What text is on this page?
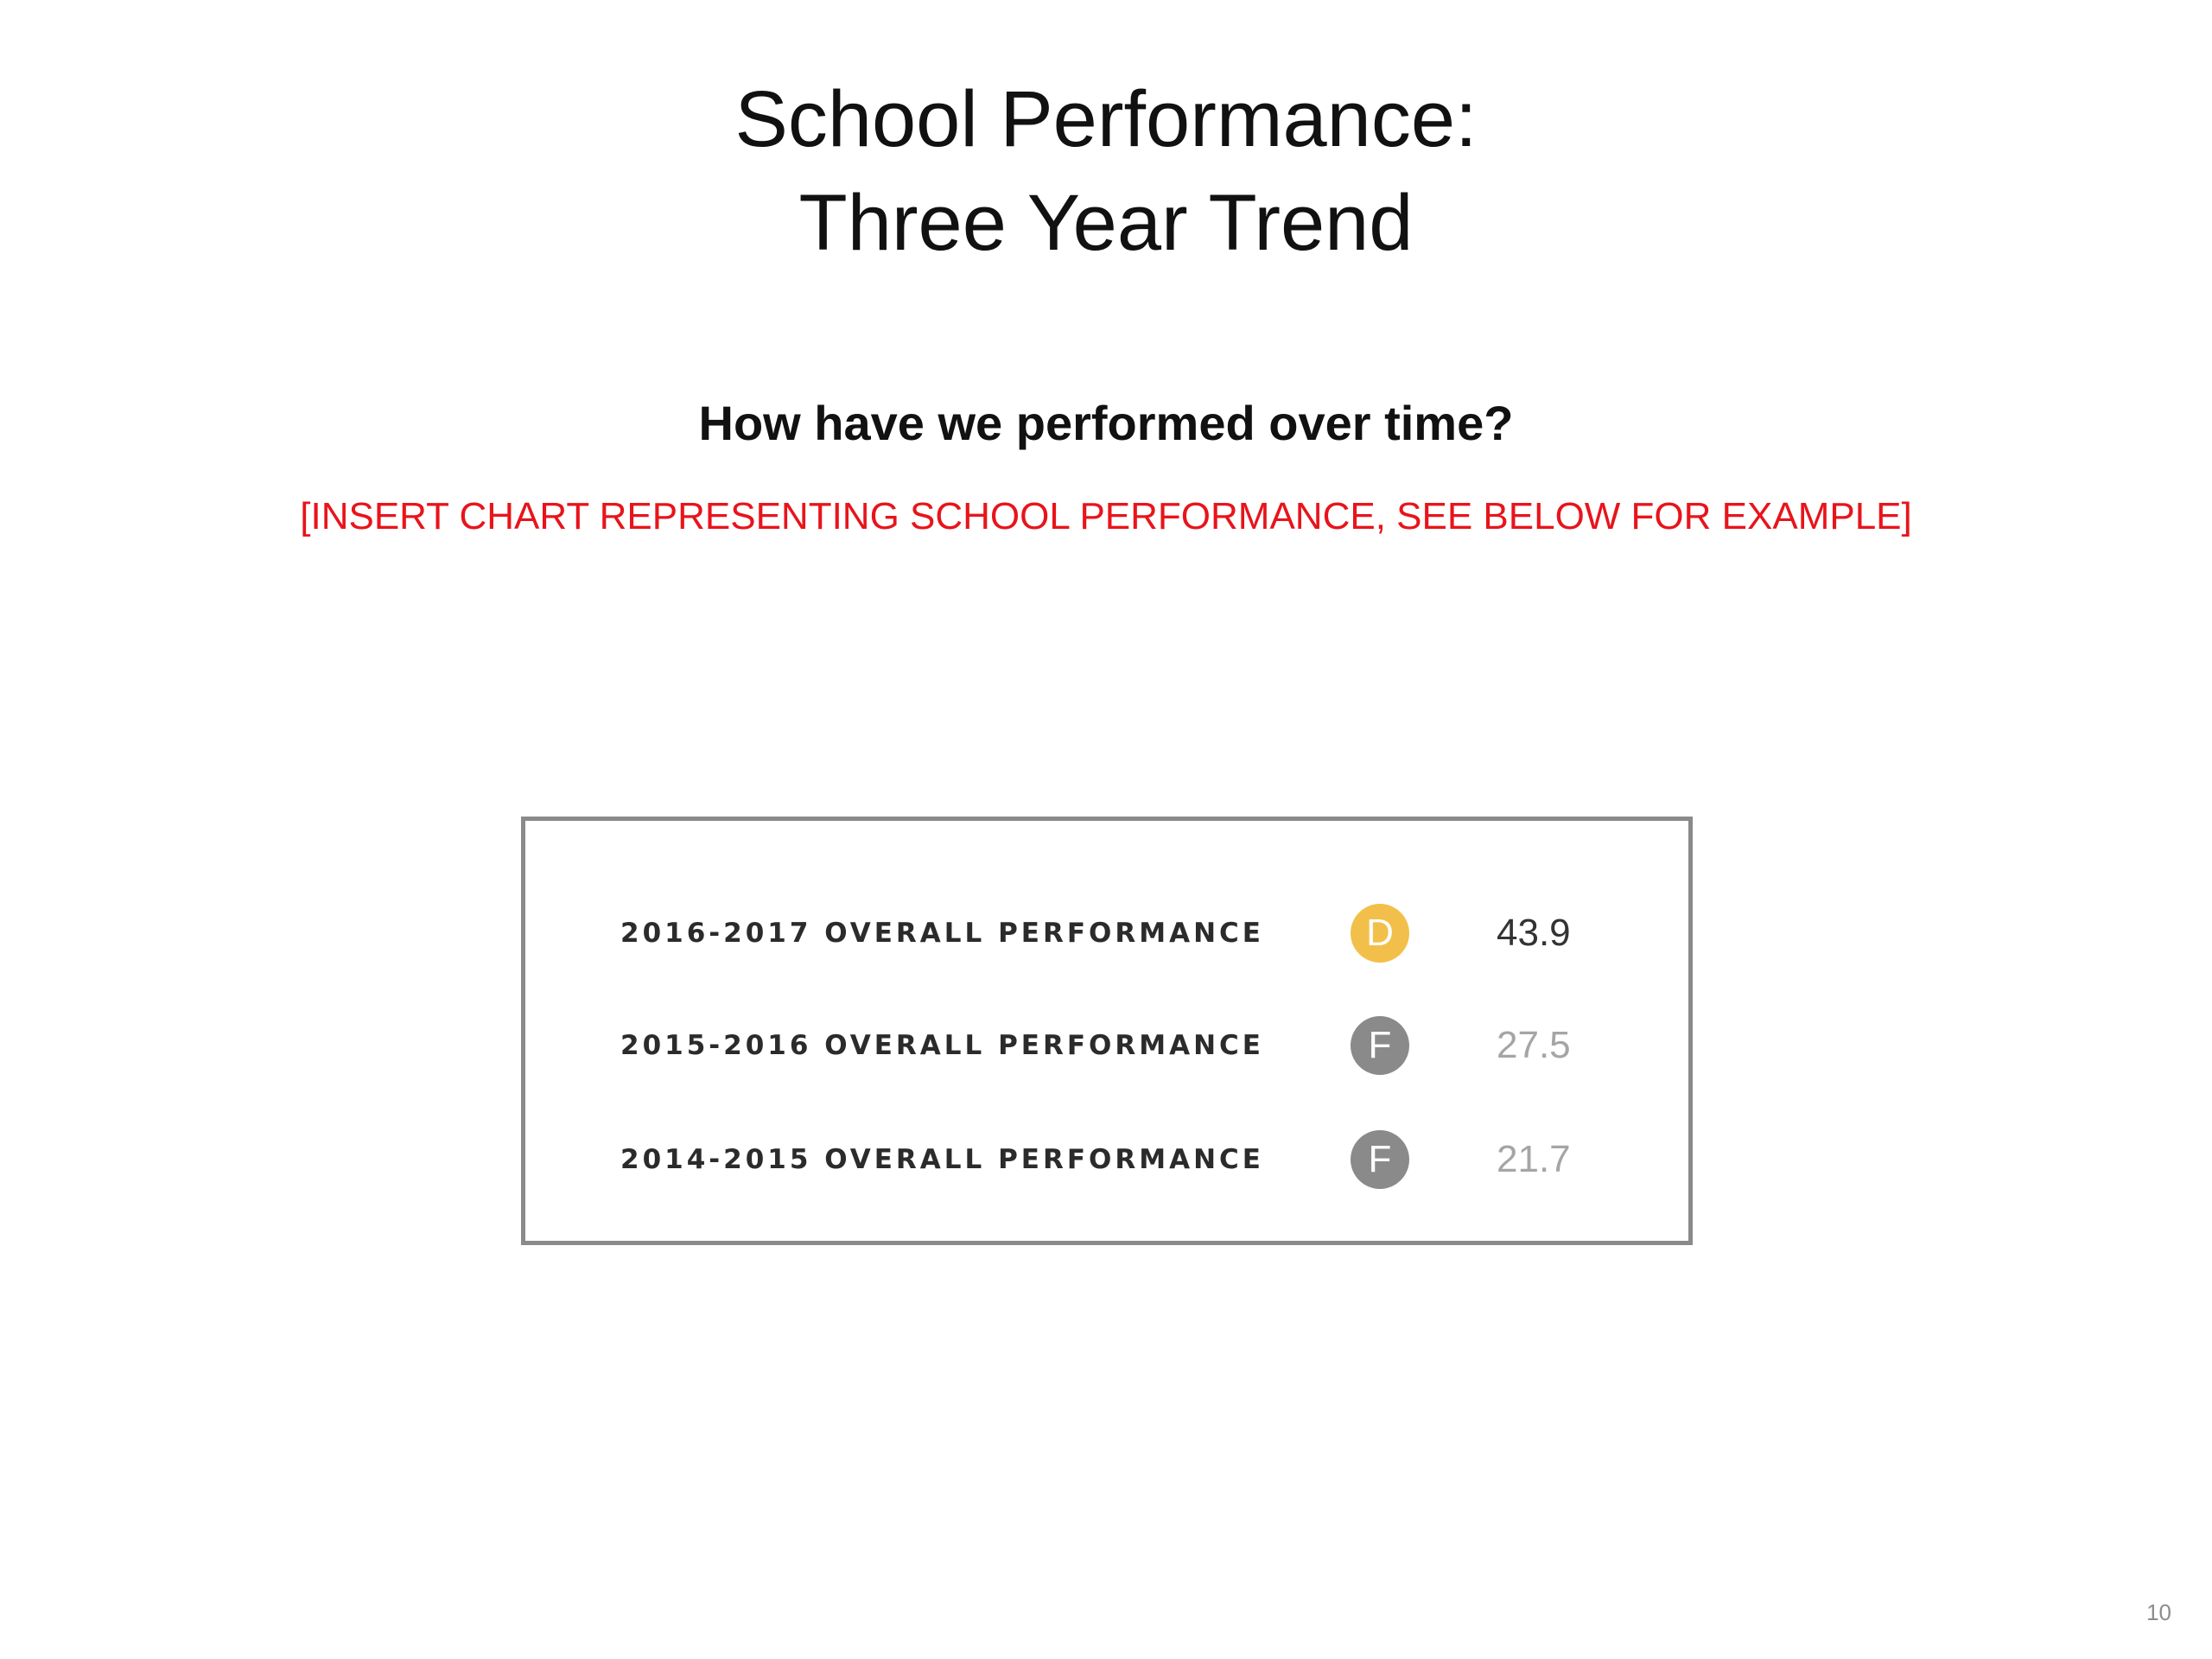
School Performance:
Three Year Trend
How have we performed over time?
[INSERT CHART REPRESENTING SCHOOL PERFORMANCE, SEE BELOW FOR EXAMPLE]
2016-2017 OVERALL PERFORMANCE	D	43.9
2015-2016 OVERALL PERFORMANCE	F	27.5
2014-2015 OVERALL PERFORMANCE	F	21.7
10
